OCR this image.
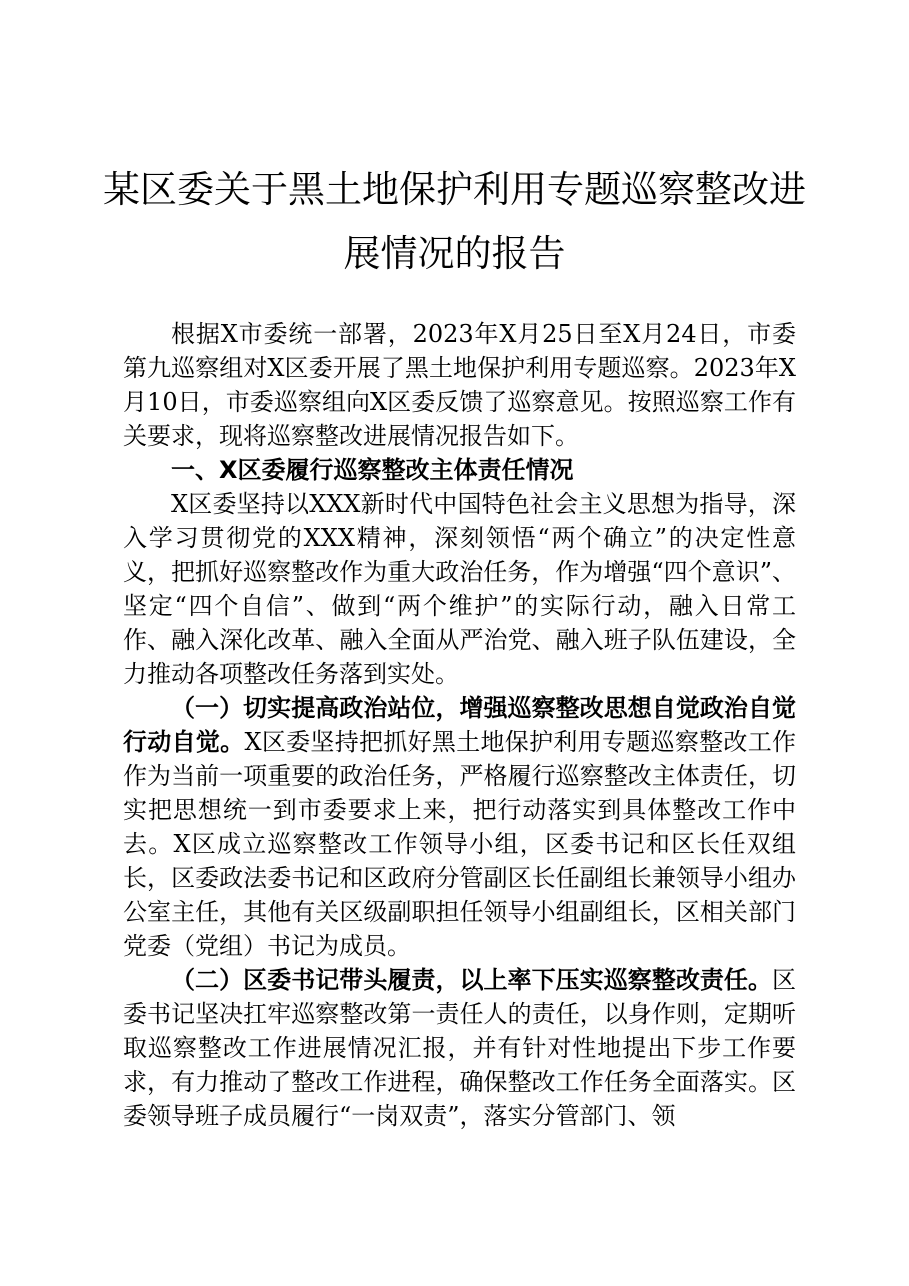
某区委关于黑土地保护利用专题巡察整改进展情况的报告

根据X市委统一部署，2023年X月25日至X月24日，市委第九巡察组对X区委开展了黑土地保护利用专题巡察。2023年X月10日，市委巡察组向X区委反馈了巡察意见。按照巡察工作有关要求，现将巡察整改进展情况报告如下。

一、X区委履行巡察整改主体责任情况

X区委坚持以XXX新时代中国特色社会主义思想为指导，深入学习贯彻党的XXX精神，深刻领悟“两个确立”的决定性意义，把抓好巡察整改作为重大政治任务，作为增强“四个意识”、坚定“四个自信”、做到“两个维护”的实际行动，融入日常工作、融入深化改革、融入全面从严治党、融入班子队伍建设，全力推动各项整改任务落到实处。

（一）切实提高政治站位，增强巡察整改思想自觉政治自觉行动自觉。X区委坚持把抓好黑土地保护利用专题巡察整改工作作为当前一项重要的政治任务，严格履行巡察整改主体责任，切实把思想统一到市委要求上来，把行动落实到具体整改工作中去。X区成立巡察整改工作领导小组，区委书记和区长任双组长，区委政法委书记和区政府分管副区长任副组长兼领导小组办公室主任，其他有关区级副职担任领导小组副组长，区相关部门党委（党组）书记为成员。

（二）区委书记带头履责，以上率下压实巡察整改责任。区委书记坚决扛牢巡察整改第一责任人的责任，以身作则，定期听取巡察整改工作进展情况汇报，并有针对性地提出下步工作要求，有力推动了整改工作进程，确保整改工作任务全面落实。区委领导班子成员履行“一岗双责”，落实分管部门、领
